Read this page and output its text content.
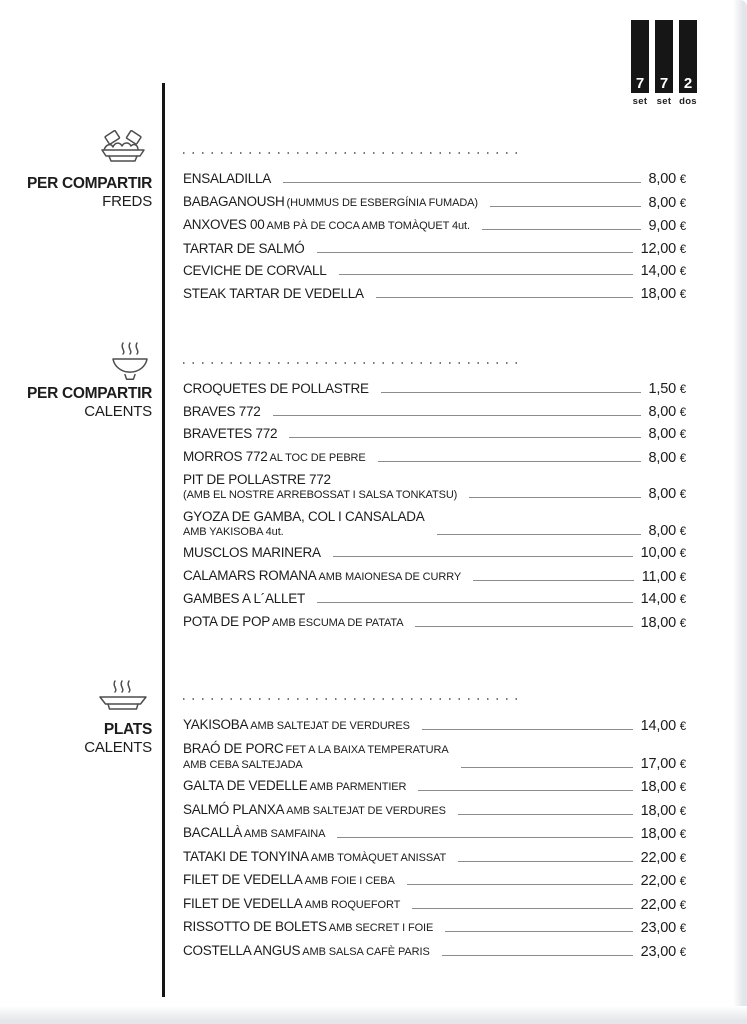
7
set
7
set
2
dos
PER COMPARTIR
FREDS
ENSALADILLA	8,00 €
BABAGANOUSH (HUMMUS DE ESBERGÍNIA FUMADA)	8,00 €
ANXOVES 00 AMB PÀ DE COCA AMB TOMÀQUET 4ut.	9,00 €
TARTAR DE SALMÓ	12,00 €
CEVICHE DE CORVALL	14,00 €
STEAK TARTAR DE VEDELLA	18,00 €
PER COMPARTIR
CALENTS
CROQUETES DE POLLASTRE	1,50 €
BRAVES 772	8,00 €
BRAVETES 772	8,00 €
MORROS 772 AL TOC DE PEBRE	8,00 €
PIT DE POLLASTRE 772
(AMB EL NOSTRE ARREBOSSAT I SALSA TONKATSU)	8,00 €
GYOZA DE GAMBA, COL I CANSALADA
AMB YAKISOBA 4ut.	8,00 €
MUSCLOS MARINERA	10,00 €
CALAMARS ROMANA AMB MAIONESA DE CURRY	11,00 €
GAMBES A L´ALLET	14,00 €
POTA DE POP AMB ESCUMA DE PATATA	18,00 €
PLATS
CALENTS
YAKISOBA AMB SALTEJAT DE VERDURES	14,00 €
BRAÓ DE PORC FET A LA BAIXA TEMPERATURA
AMB CEBA SALTEJADA	17,00 €
GALTA DE VEDELLE AMB PARMENTIER	18,00 €
SALMÓ PLANXA AMB SALTEJAT DE VERDURES	18,00 €
BACALLÀ AMB SAMFAINA	18,00 €
TATAKI DE TONYINA AMB TOMÀQUET ANISSAT	22,00 €
FILET DE VEDELLA AMB FOIE I CEBA	22,00 €
FILET DE VEDELLA AMB ROQUEFORT	22,00 €
RISSOTTO DE BOLETS AMB SECRET I FOIE	23,00 €
COSTELLA ANGUS AMB SALSA CAFÈ PARIS	23,00 €
